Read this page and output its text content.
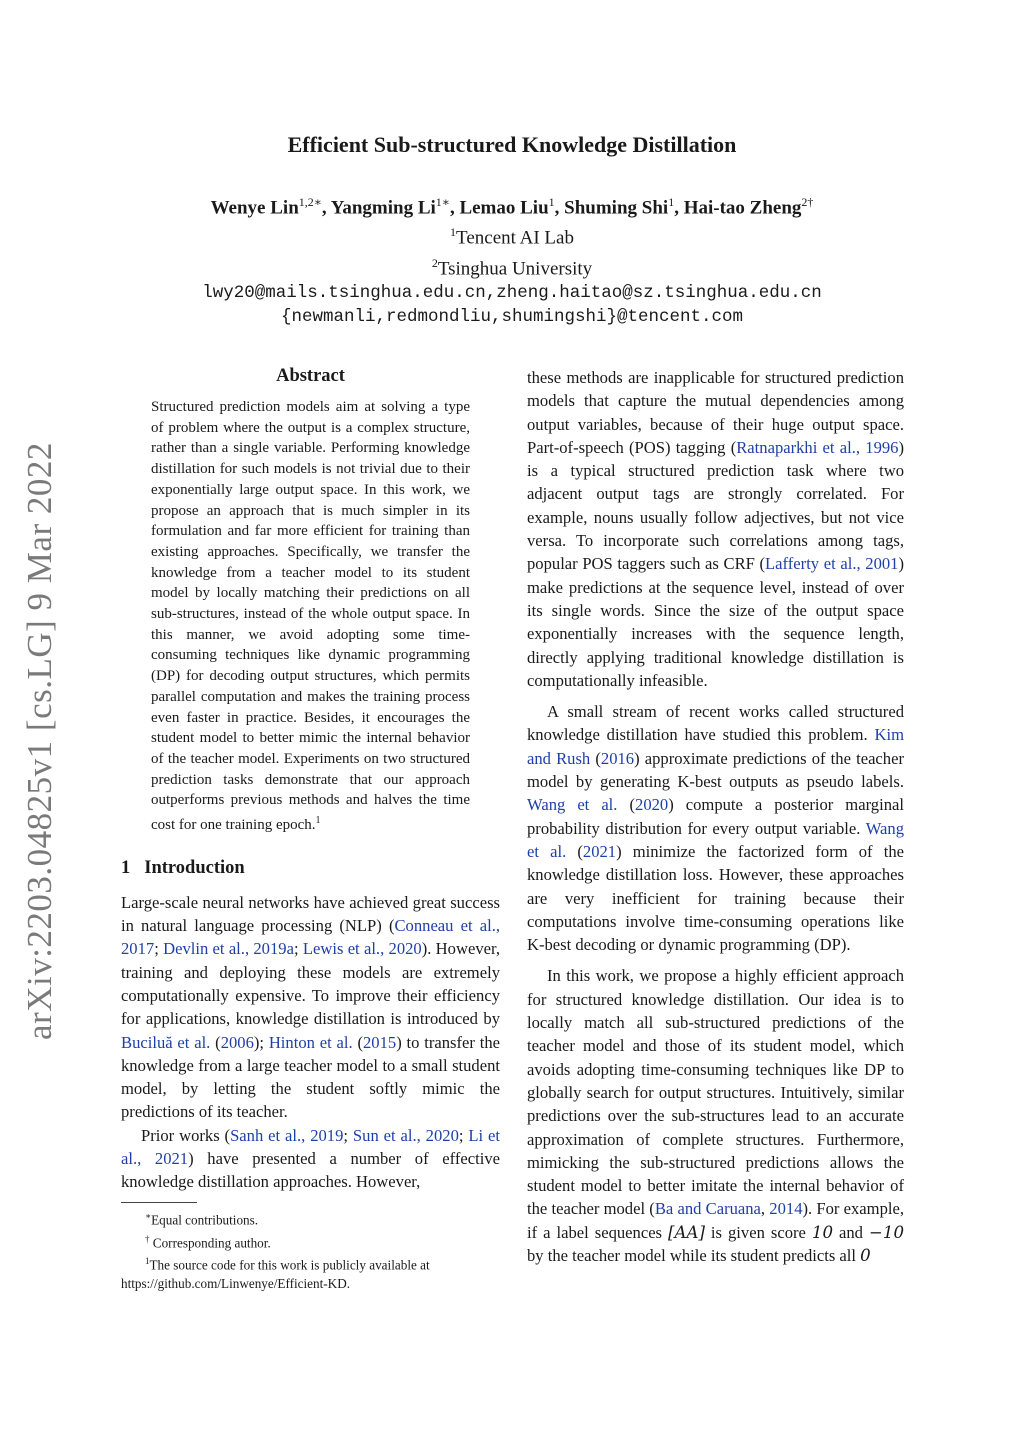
arXiv:2203.04825v1 [cs.LG] 9 Mar 2022
Efficient Sub-structured Knowledge Distillation
Wenye Lin$^{1,2∗}$, Yangming $Li^{1∗}$, Lemao Liu$^1$, Shuming Shi$^1$, Hai-tao Zheng$^{2\dagger}$
$^1$Tencent AI Lab
$^2$Tsinghua University
lwy20@mails.tsinghua.edu.cn,zheng.haitao@sz.tsinghua.edu.cn
{newmanli,redmondliu,shumingshi}@tencent.com
Abstract
Structured prediction models aim at solving a type of problem where the output is a complex structure, rather than a single variable. Performing knowledge distillation for such models is not trivial due to their exponentially large output space. In this work, we propose an approach that is much simpler in its formulation and far more efficient for training than existing approaches. Specifically, we transfer the knowledge from a teacher model to its student model by locally matching their predictions on all sub-structures, instead of the whole output space. In this manner, we avoid adopting some time-consuming techniques like dynamic programming (DP) for decoding output structures, which permits parallel computation and makes the training process even faster in practice. Besides, it encourages the student model to better mimic the internal behavior of the teacher model. Experiments on two structured prediction tasks demonstrate that our approach outperforms previous methods and halves the time cost for one training epoch.$^1$
1 Introduction

Large-scale neural networks have achieved great success in natural language processing (NLP) (Conneau et al., 2017; Devlin et al., 2019a; Lewis et al., 2020). However, training and deploying these models are extremely computationally expensive. To improve their efficiency for applications, knowledge distillation is introduced by Buciluă et al. (2006); Hinton et al. (2015) to transfer the knowledge from a large teacher model to a small student model, by letting the student softly mimic the predictions of its teacher.

Prior works (Sanh et al., 2019; Sun et al., 2020; Li et al., 2021) have presented a number of effective knowledge distillation approaches. However,

∗Equal contributions.

† Corresponding author.

$^1$The source code for this work is publicly available at https://github.com/Linwenye/Efficient-KD.

these methods are inapplicable for structured prediction models that capture the mutual dependencies among output variables, because of their huge output space. Part-of-speech (POS) tagging (Ratnaparkhi et al., 1996) is a typical structured prediction task where two adjacent output tags are strongly correlated. For example, nouns usually follow adjectives, but not vice versa. To incorporate such correlations among tags, popular POS taggers such as CRF (Lafferty et al., 2001) make predictions at the sequence level, instead of over its single words. Since the size of the output space exponentially increases with the sequence length, directly applying traditional knowledge distillation is computationally infeasible.

A small stream of recent works called structured knowledge distillation have studied this problem. Kim and Rush (2016) approximate predictions of the teacher model by generating K-best outputs as pseudo labels. Wang et al. (2020) compute a posterior marginal probability distribution for every output variable. Wang et al. (2021) minimize the factorized form of the knowledge distillation loss. However, these approaches are very inefficient for training because their computations involve time-consuming operations like K-best decoding or dynamic programming (DP).

In this work, we propose a highly efficient approach for structured knowledge distillation. Our idea is to locally match all sub-structured predictions of the teacher model and those of its student model, which avoids adopting time-consuming techniques like DP to globally search for output structures. Intuitively, similar predictions over the sub-structures lead to an accurate approximation of complete structures. Furthermore, mimicking the sub-structured predictions allows the student model to better imitate the internal behavior of the teacher model (Ba and Caruana, 2014). For example, if a label sequences [AA] is given score 10 and −10 by the teacher model while its student predicts all 0
